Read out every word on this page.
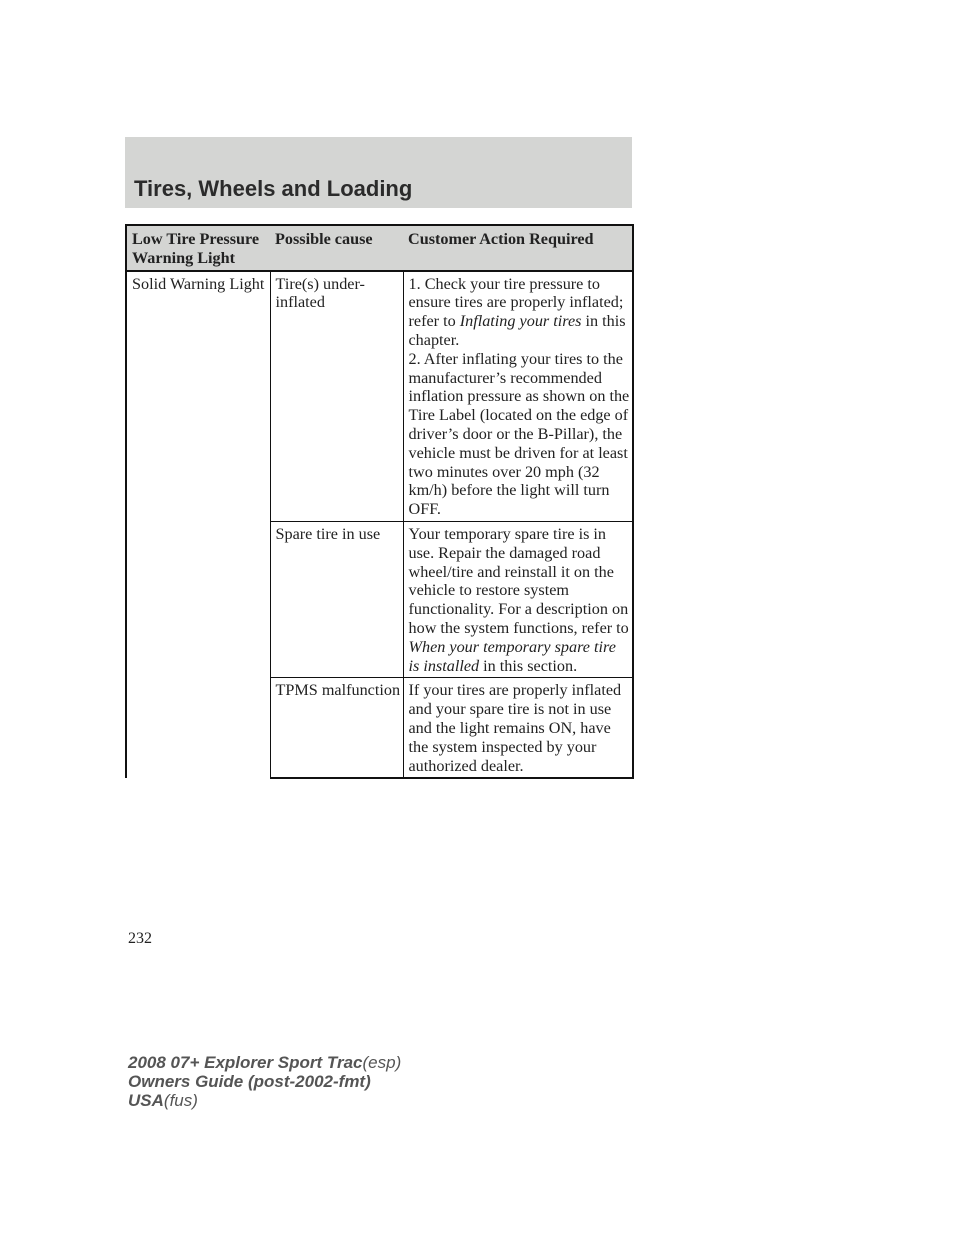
Tires, Wheels and Loading
Low Tire Pressure Warning Light	Possible cause	Customer Action Required
Solid Warning Light	Tire(s) under-inflated	1. Check your tire pressure to ensure tires are properly inflated; refer to Inflating your tires in this chapter.

2. After inflating your tires to the manufacturer’s recommended inflation pressure as shown on the Tire Label (located on the edge of driver’s door or the B-Pillar), the vehicle must be driven for at least two minutes over 20 mph (32 km/h) before the light will turn OFF.

	Spare tire in use	Your temporary spare tire is in use. Repair the damaged road wheel/tire and reinstall it on the vehicle to restore system functionality. For a description on how the system functions, refer to When your temporary spare tire is installed in this section.

	TPMS malfunction	If your tires are properly inflated and your spare tire is not in use and the light remains ON, have the system inspected by your authorized dealer.
232
2008 07+ Explorer Sport Trac(esp)
Owners Guide (post-2002-fmt)
USA(fus)
